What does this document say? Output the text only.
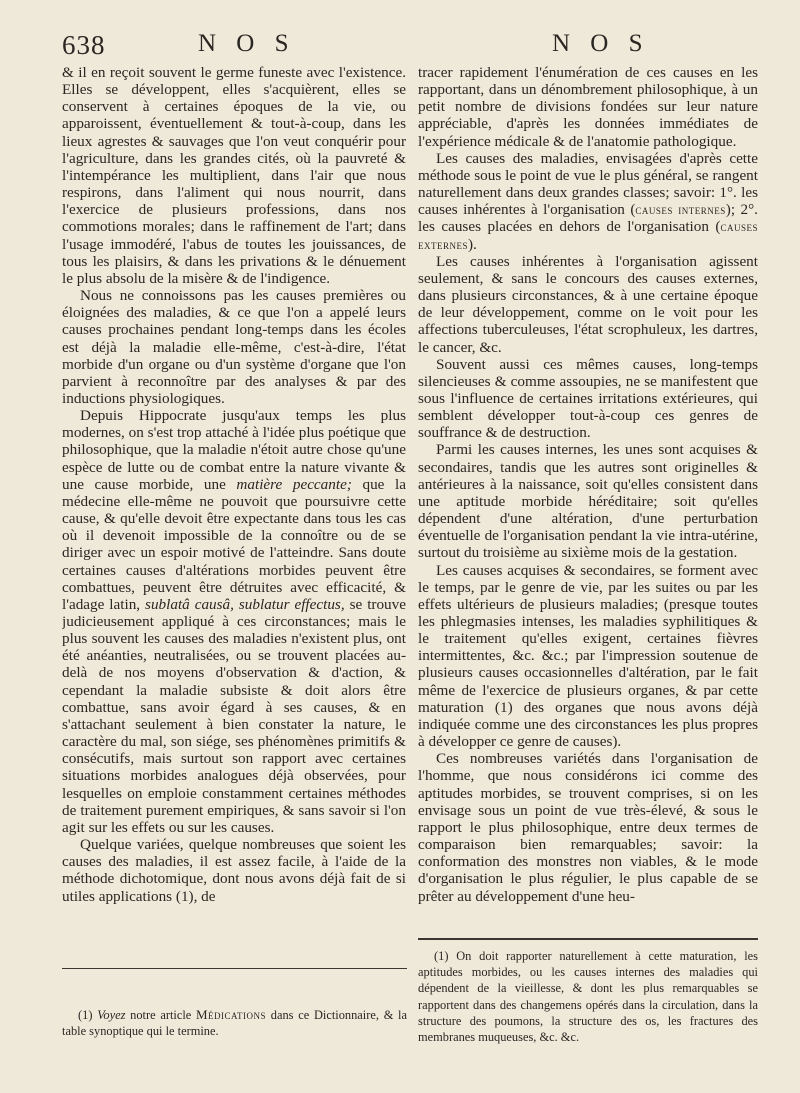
638	N O S	N O S

& il en reçoit souvent le germe funeste avec l'existence. Elles se développent, elles s'acquièrent, elles se conservent à certaines époques de la vie, ou apparoissent, éventuellement & tout-à-coup, dans les lieux agrestes & sauvages que l'on veut conquérir pour l'agriculture, dans les grandes cités, où la pauvreté & l'intempérance les multiplient, dans l'air que nous respirons, dans l'aliment qui nous nourrit, dans l'exercice de plusieurs professions, dans nos commotions morales; dans le raffinement de l'art; dans l'usage immodéré, l'abus de toutes les jouissances, de tous les plaisirs, & dans les privations & le dénuement le plus absolu de la misère & de l'indigence.

Nous ne connoissons pas les causes premières ou éloignées des maladies, & ce que l'on a appelé leurs causes prochaines pendant long-temps dans les écoles est déjà la maladie elle-même, c'est-à-dire, l'état morbide d'un organe ou d'un système d'organe que l'on parvient à reconnoître par des analyses & par des inductions physiologiques.

Depuis Hippocrate jusqu'aux temps les plus modernes, on s'est trop attaché à l'idée plus poétique que philosophique, que la maladie n'étoit autre chose qu'une espèce de lutte ou de combat entre la nature vivante & une cause morbide, une matière peccante; que la médecine elle-même ne pouvoit que poursuivre cette cause, & qu'elle devoit être expectante dans tous les cas où il devenoit impossible de la connoître ou de se diriger avec un espoir motivé de l'atteindre. Sans doute certaines causes d'altérations morbides peuvent être combattues, peuvent être détruites avec efficacité, & l'adage latin, sublatâ causâ, sublatur effectus, se trouve judicieusement appliqué à ces circonstances; mais le plus souvent les causes des maladies n'existent plus, ont été anéanties, neutralisées, ou se trouvent placées au-delà de nos moyens d'observation & d'action, & cependant la maladie subsiste & doit alors être combattue, sans avoir égard à ses causes, & en s'attachant seulement à bien constater la nature, le caractère du mal, son siége, ses phénomènes primitifs & consécutifs, mais surtout son rapport avec certaines situations morbides analogues déjà observées, pour lesquelles on emploie constamment certaines méthodes de traitement purement empiriques, & sans savoir si l'on agit sur les effets ou sur les causes.

Quelque variées, quelque nombreuses que soient les causes des maladies, il est assez facile, à l'aide de la méthode dichotomique, dont nous avons déjà fait de si utiles applications (1), de

tracer rapidement l'énumération de ces causes en les rapportant, dans un dénombrement philosophique, à un petit nombre de divisions fondées sur leur nature appréciable, d'après les données immédiates de l'expérience médicale & de l'anatomie pathologique.

Les causes des maladies, envisagées d'après cette méthode sous le point de vue le plus général, se rangent naturellement dans deux grandes classes; savoir: 1°. les causes inhérentes à l'organisation (causes internes); 2°. les causes placées en dehors de l'organisation (causes externes).

Les causes inhérentes à l'organisation agissent seulement, & sans le concours des causes externes, dans plusieurs circonstances, & à une certaine époque de leur développement, comme on le voit pour les affections tuberculeuses, l'état scrophuleux, les dartres, le cancer, &c.

Souvent aussi ces mêmes causes, long-temps silencieuses & comme assoupies, ne se manifestent que sous l'influence de certaines irritations extérieures, qui semblent développer tout-à-coup ces genres de souffrance & de destruction.

Parmi les causes internes, les unes sont acquises & secondaires, tandis que les autres sont originelles & antérieures à la naissance, soit qu'elles consistent dans une aptitude morbide héréditaire; soit qu'elles dépendent d'une altération, d'une perturbation éventuelle de l'organisation pendant la vie intra-utérine, surtout du troisième au sixième mois de la gestation.

Les causes acquises & secondaires, se forment avec le temps, par le genre de vie, par les suites ou par les effets ultérieurs de plusieurs maladies; (presque toutes les phlegmasies intenses, les maladies syphilitiques & le traitement qu'elles exigent, certaines fièvres intermittentes, &c. &c.; par l'impression soutenue de plusieurs causes occasionnelles d'altération, par le fait même de l'exercice de plusieurs organes, & par cette maturation (1) des organes que nous avons déjà indiquée comme une des circonstances les plus propres à développer ce genre de causes).

Ces nombreuses variétés dans l'organisation de l'homme, que nous considérons ici comme des aptitudes morbides, se trouvent comprises, si on les envisage sous un point de vue très-élevé, & sous le rapport le plus philosophique, entre deux termes de comparaison bien remarquables; savoir: la conformation des monstres non viables, & le mode d'organisation le plus régulier, le plus capable de se prêter au développement d'une heu-

(1) Voyez notre article Médications dans ce Dictionnaire, & la table synoptique qui le termine.

(1) On doit rapporter naturellement à cette maturation, les aptitudes morbides, ou les causes internes des maladies qui dépendent de la vieillesse, & dont les plus remarquables se rapportent dans des changemens opérés dans la circulation, dans la structure des poumons, la structure des os, les fractures des membranes muqueuses, &c. &c.
